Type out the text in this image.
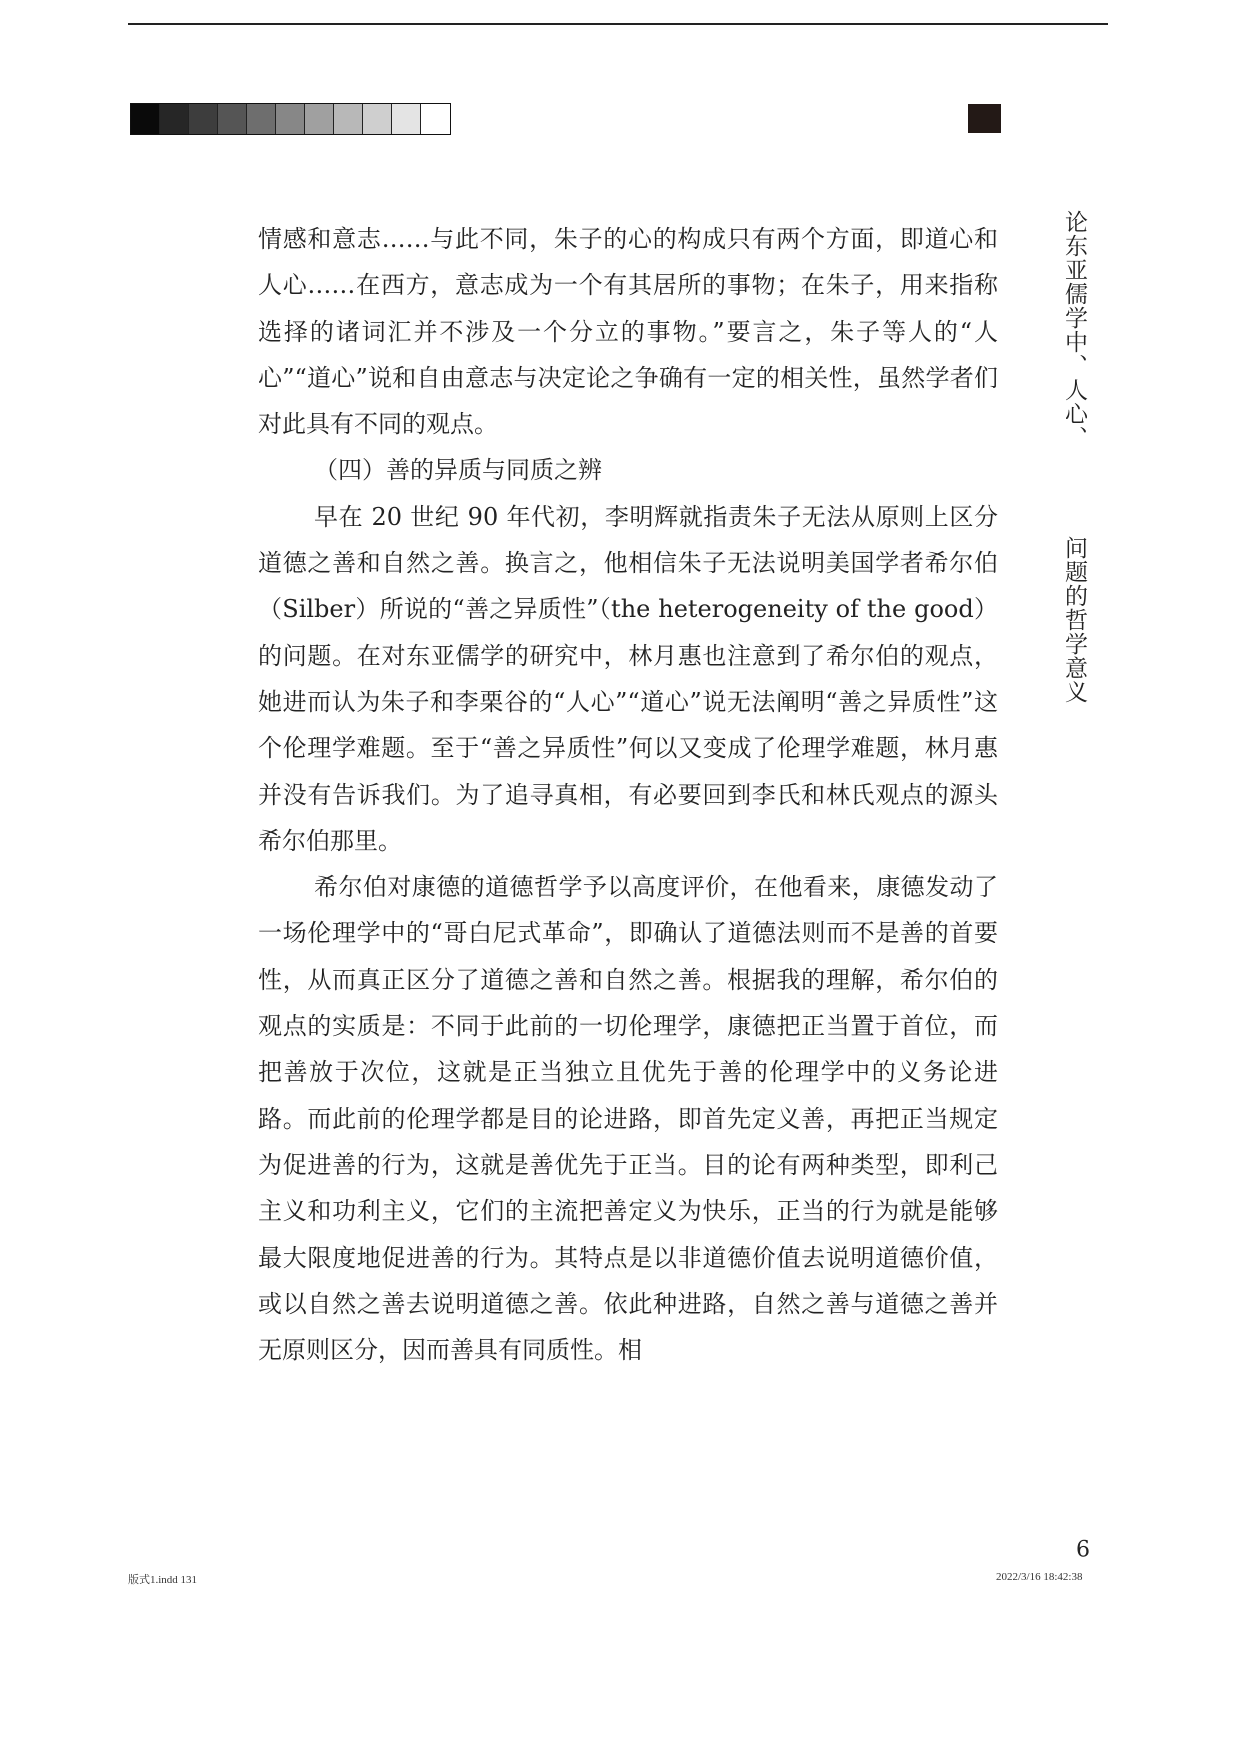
论东亚儒学中、人心、问题的哲学意义

情感和意志……与此不同，朱子的心的构成只有两个方面，即道心和人心……在西方，意志成为一个有其居所的事物；在朱子，用来指称选择的诸词汇并不涉及一个分立的事物。”要言之，朱子等人的“人心”“道心”说和自由意志与决定论之争确有一定的相关性，虽然学者们对此具有不同的观点。

（四）善的异质与同质之辨

早在 20 世纪 90 年代初，李明辉就指责朱子无法从原则上区分道德之善和自然之善。换言之，他相信朱子无法说明美国学者希尔伯（Silber）所说的“善之异质性”（the heterogeneity of the good）的问题。在对东亚儒学的研究中，林月惠也注意到了希尔伯的观点，她进而认为朱子和李栗谷的“人心”“道心”说无法阐明“善之异质性”这个伦理学难题。至于“善之异质性”何以又变成了伦理学难题，林月惠并没有告诉我们。为了追寻真相，有必要回到李氏和林氏观点的源头希尔伯那里。

希尔伯对康德的道德哲学予以高度评价，在他看来，康德发动了一场伦理学中的“哥白尼式革命”，即确认了道德法则而不是善的首要性，从而真正区分了道德之善和自然之善。根据我的理解，希尔伯的观点的实质是：不同于此前的一切伦理学，康德把正当置于首位，而把善放于次位，这就是正当独立且优先于善的伦理学中的义务论进路。而此前的伦理学都是目的论进路，即首先定义善，再把正当规定为促进善的行为，这就是善优先于正当。目的论有两种类型，即利己主义和功利主义，它们的主流把善定义为快乐，正当的行为就是能够最大限度地促进善的行为。其特点是以非道德价值去说明道德价值，或以自然之善去说明道德之善。依此种进路，自然之善与道德之善并无原则区分，因而善具有同质性。相

9
版式1.indd 131	2022/3/16 18:42:38
